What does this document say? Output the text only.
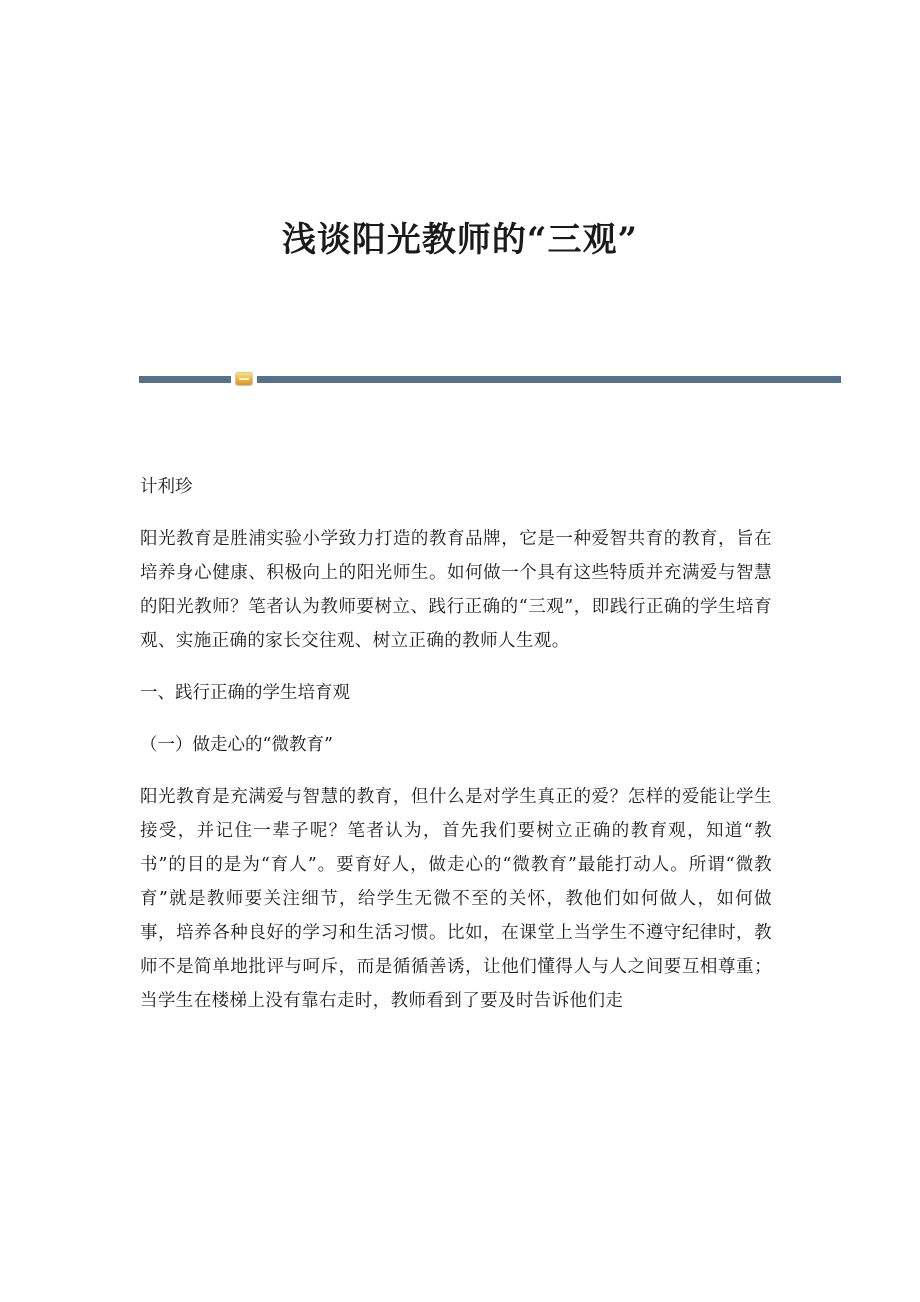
浅谈阳光教师的“三观”

计利珍

阳光教育是胜浦实验小学致力打造的教育品牌，它是一种爱智共育的教育，旨在培养身心健康、积极向上的阳光师生。如何做一个具有这些特质并充满爱与智慧的阳光教师？笔者认为教师要树立、践行正确的“三观”，即践行正确的学生培育观、实施正确的家长交往观、树立正确的教师人生观。

一、践行正确的学生培育观

（一）做走心的“微教育”

阳光教育是充满爱与智慧的教育，但什么是对学生真正的爱？怎样的爱能让学生接受，并记住一辈子呢？笔者认为，首先我们要树立正确的教育观，知道“教书”的目的是为“育人”。要育好人，做走心的“微教育”最能打动人。所谓“微教育”就是教师要关注细节，给学生无微不至的关怀，教他们如何做人，如何做事，培养各种良好的学习和生活习惯。比如，在课堂上当学生不遵守纪律时，教师不是简单地批评与呵斥，而是循循善诱，让他们懂得人与人之间要互相尊重；当学生在楼梯上没有靠右走时，教师看到了要及时告诉他们走
